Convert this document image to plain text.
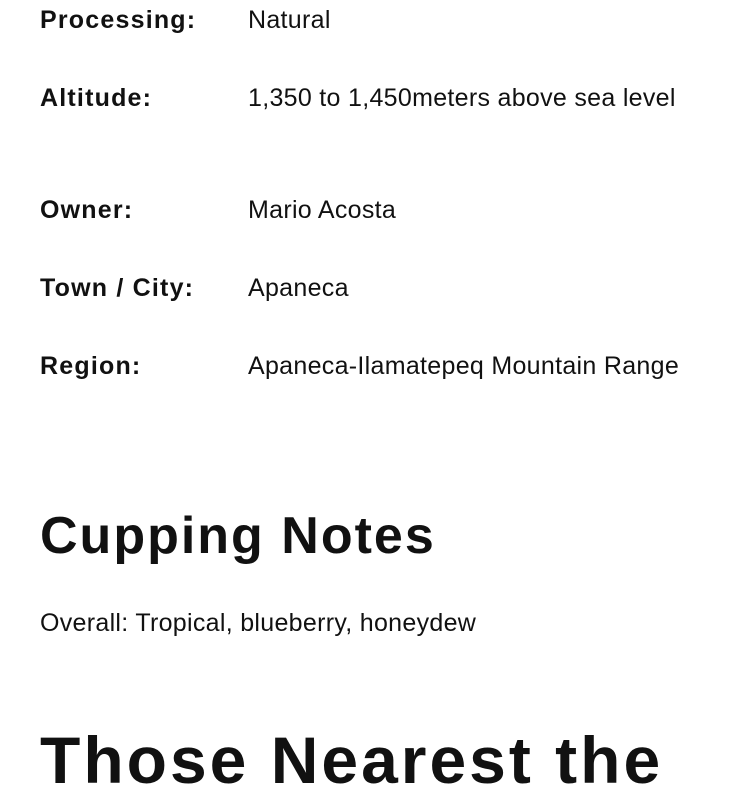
Processing:	Natural
Altitude:	1,350 to 1,450meters above sea level
Owner:	Mario Acosta
Town / City:	Apaneca
Region:	Apaneca-Ilamatepeq Mountain Range
Cupping Notes
Overall: Tropical, blueberry, honeydew
Those Nearest the
